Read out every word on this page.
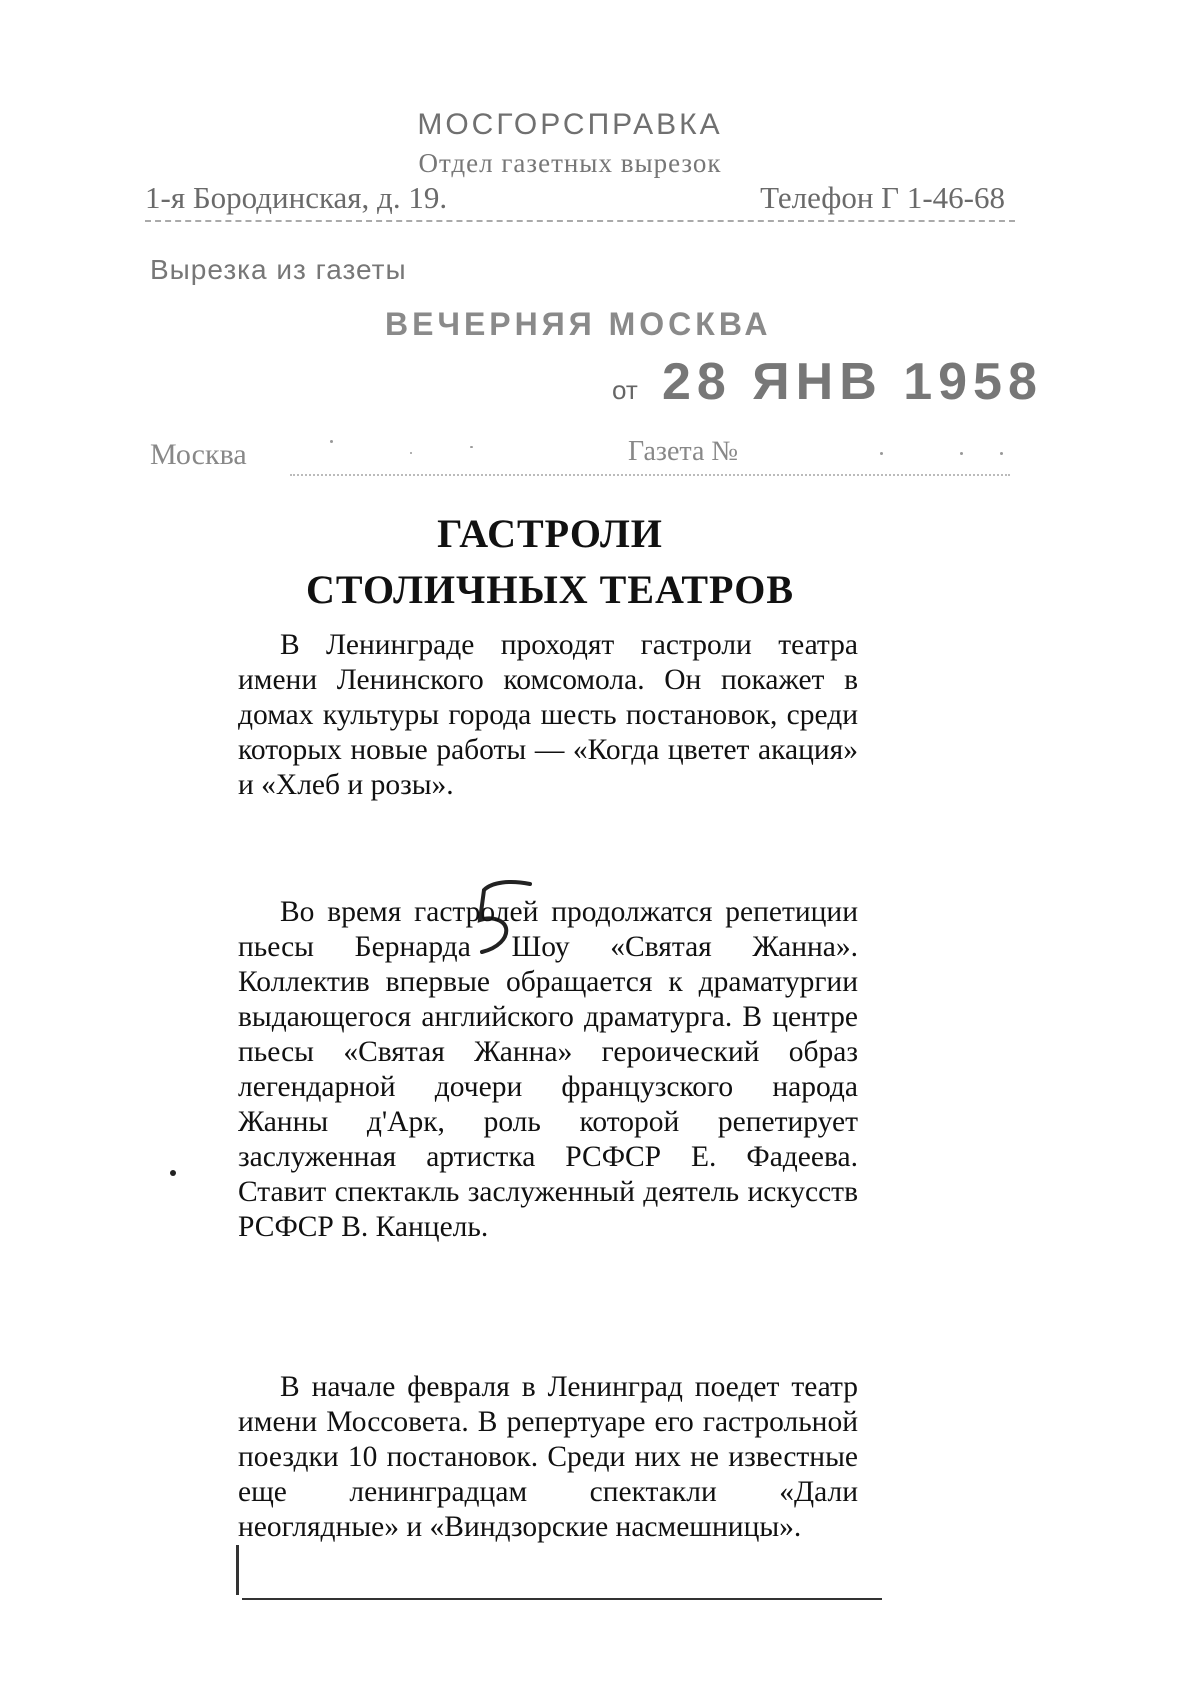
МОСГОРСПРАВКА
Отдел газетных вырезок
1-я Бородинская, д. 19.	Телефон Г 1-46-68
Вырезка из газеты
ВЕЧЕРНЯЯ МОСКВА
от 28 ЯНВ 1958
Москва	Газета №
ГАСТРОЛИ
СТОЛИЧНЫХ ТЕАТРОВ

В Ленинграде проходят гастроли театра имени Ленинского комсомола. Он покажет в домах культуры города шесть постановок, среди которых новые работы — «Когда цветет акация» и «Хлеб и розы».

Во время гастролей продолжатся репетиции пьесы Бернарда Шоу «Святая Жанна». Коллектив впервые обращается к драматургии выдающегося английского драматурга. В центре пьесы «Святая Жанна» героический образ легендарной дочери французского народа Жанны д'Арк, роль которой репетирует заслуженная артистка РСФСР Е. Фадеева. Ставит спектакль заслуженный деятель искусств РСФСР В. Канцель.

В начале февраля в Ленинград поедет театр имени Моссовета. В репертуаре его гастрольной поездки 10 постановок. Среди них не известные еще ленинградцам спектакли «Дали неоглядные» и «Виндзорские насмешницы».
